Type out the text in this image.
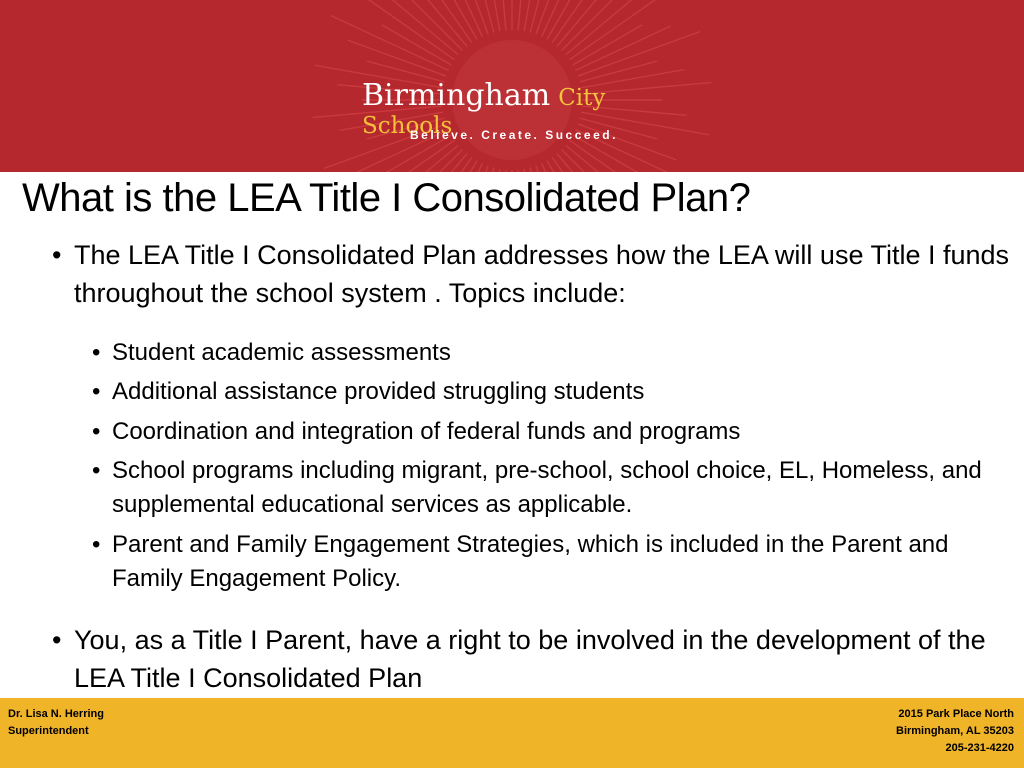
Birmingham City Schools
Believe. Create. Succeed.
What is the LEA Title I Consolidated Plan?
• The LEA Title I Consolidated Plan addresses how the LEA will use Title I funds throughout the school system . Topics include:
• Student academic assessments
• Additional assistance provided struggling students
• Coordination and integration of federal funds and programs
• School programs including migrant, pre-school, school choice, EL, Homeless, and supplemental educational services as applicable.
• Parent and Family Engagement Strategies, which is included in the Parent and Family Engagement Policy.
• You, as a Title I Parent, have a right to be involved in the development of the LEA Title I Consolidated Plan
Dr. Lisa N. Herring
Superintendent
2015 Park Place North
Birmingham, AL 35203
205-231-4220
